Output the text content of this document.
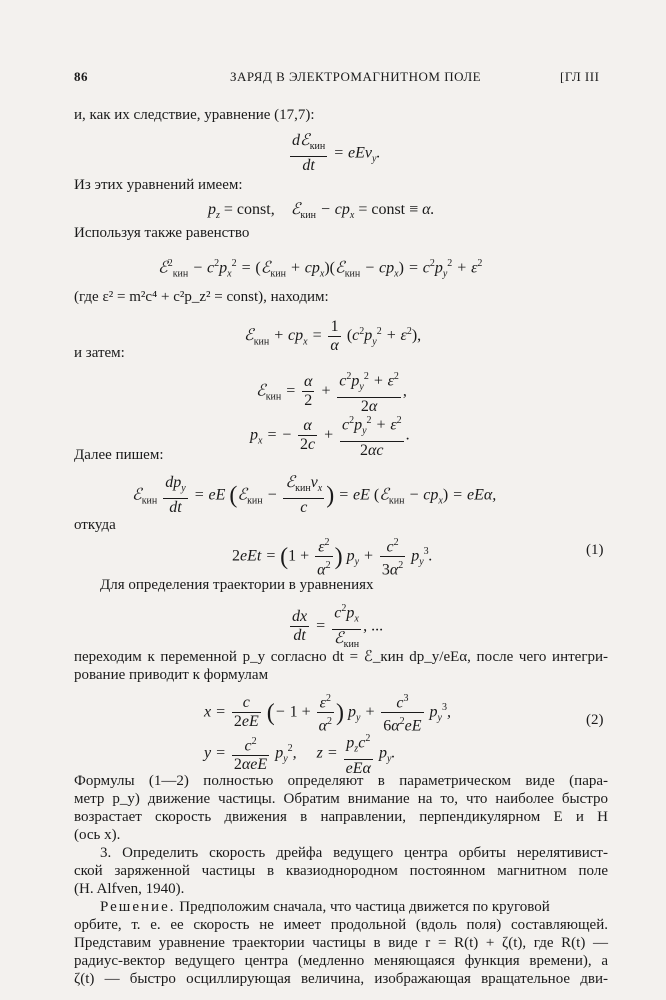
86	ЗАРЯД В ЭЛЕКТРОМАГНИТНОМ ПОЛЕ	[ГЛ III
и, как их следствие, уравнение (17,7):
$\frac{dℰ_{кин}}{dt} = eEv_y$.
Из этих уравнений имеем:
$p_z$ = const,    ℰ$_{кин}$ − $cp_x$ = const ≡ α.
Используя также равенство
ℰ$^2_{кин}$ − $c^2p_x^2$ = (ℰ$_{кин}$ + $cp_x)(ℰ_{кин} - cp_x) = c^2p_y^2 + \varepsilon^2$
(где ε² = m²c⁴ + c²p_z² = const), находим:
ℰ$_{кин}$ + $cp_x = \frac{1}{\alpha} (c^2p_y^2 + \varepsilon^2)$,
и затем:
ℰ$_{кин}$ = $\frac{\alpha}{2} + \frac{c^2p_y^2 + \varepsilon^2}{2\alpha}$ ,
$p_x$ = − $\frac{\alpha}{2c} + \frac{c^2p_y^2 + \varepsilon^2}{2\alpha c}$ .
Далее пишем:
ℰ$_{кин}$ $\frac{dp_y}{dt}$ = eE (ℰ$_{кин}$ − $\frac{ℰ_{кин}v_x}{c}$ ) = eE (ℰ$_{кин}$ − $cp_x) = eE\alpha$,
откуда
$2eEt = (1 + \frac{\varepsilon^2}{\alpha^2}$ ) $p_y + \frac{c^2}{3\alpha^2} p_y^3$.	(1)
Для определения траектории в уравнениях
$\frac{dx}{dt} = \frac{c^2p_x}{ℰ_{кин}}$ , ...
переходим к переменной p_y согласно dt = ℰ_кин dp_y/eEα, после чего интегри-
рование приводит к формулам
$x = \frac{c}{2eE}$ (− $1 + \frac{\varepsilon^2}{\alpha^2}$ ) $p_y + \frac{c^3}{6\alpha^2eE} p_y^3$,	(2)
$y = \frac{c^2}{\text{2αeE}} p_y^2$,     $z = \frac{p_zc^2}{\text{eEα}} p_y$.
Формулы (1—2) полностью определяют в параметрическом виде (пара-
метр p_y) движение частицы. Обратим внимание на то, что наиболее быстро
возрастает скорость движения в направлении, перпендикулярном E и H
(ось x).
3. Определить скорость дрейфа ведущего центра орбиты нерелятивист-
ской заряженной частицы в квазиоднородном постоянном магнитном поле
(H. Alfven, 1940).
Решение. Предположим сначала, что частица движется по круговой
орбите, т. е. ее скорость не имеет продольной (вдоль поля) составляющей.
Представим уравнение траектории частицы в виде r = R(t) + ζ(t), где R(t) —
радиус-вектор ведущего центра (медленно меняющаяся функция времени), а
ζ(t) — быстро осциллирующая величина, изображающая вращательное дви-
